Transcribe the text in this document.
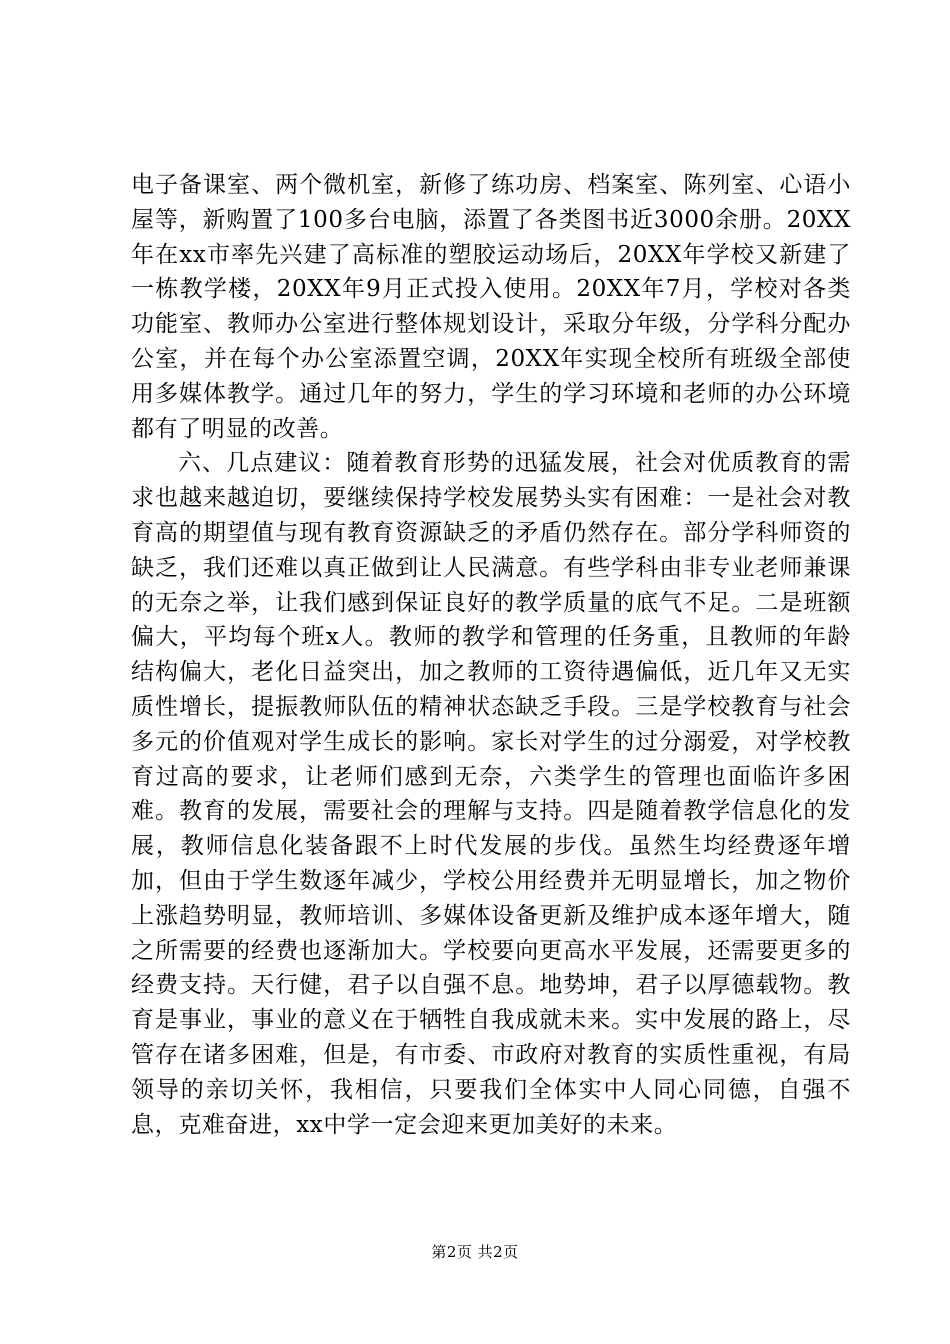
电子备课室、两个微机室，新修了练功房、档案室、陈列室、心语小屋等，新购置了100多台电脑，添置了各类图书近3000余册。20XX年在xx市率先兴建了高标准的塑胶运动场后，20XX年学校又新建了一栋教学楼，20XX年9月正式投入使用。20XX年7月，学校对各类功能室、教师办公室进行整体规划设计，采取分年级，分学科分配办公室，并在每个办公室添置空调，20XX年实现全校所有班级全部使用多媒体教学。通过几年的努力，学生的学习环境和老师的办公环境都有了明显的改善。

六、几点建议：随着教育形势的迅猛发展，社会对优质教育的需求也越来越迫切，要继续保持学校发展势头实有困难：一是社会对教育高的期望值与现有教育资源缺乏的矛盾仍然存在。部分学科师资的缺乏，我们还难以真正做到让人民满意。有些学科由非专业老师兼课的无奈之举，让我们感到保证良好的教学质量的底气不足。二是班额偏大，平均每个班x人。教师的教学和管理的任务重，且教师的年龄结构偏大，老化日益突出，加之教师的工资待遇偏低，近几年又无实质性增长，提振教师队伍的精神状态缺乏手段。三是学校教育与社会多元的价值观对学生成长的影响。家长对学生的过分溺爱，对学校教育过高的要求，让老师们感到无奈，六类学生的管理也面临许多困难。教育的发展，需要社会的理解与支持。四是随着教学信息化的发展，教师信息化装备跟不上时代发展的步伐。虽然生均经费逐年增加，但由于学生数逐年减少，学校公用经费并无明显增长，加之物价上涨趋势明显，教师培训、多媒体设备更新及维护成本逐年增大，随之所需要的经费也逐渐加大。学校要向更高水平发展，还需要更多的经费支持。天行健，君子以自强不息。地势坤，君子以厚德载物。教育是事业，事业的意义在于牺牲自我成就未来。实中发展的路上，尽管存在诸多困难，但是，有市委、市政府对教育的实质性重视，有局领导的亲切关怀，我相信，只要我们全体实中人同心同德，自强不息，克难奋进，xx中学一定会迎来更加美好的未来。

第2页 共2页
